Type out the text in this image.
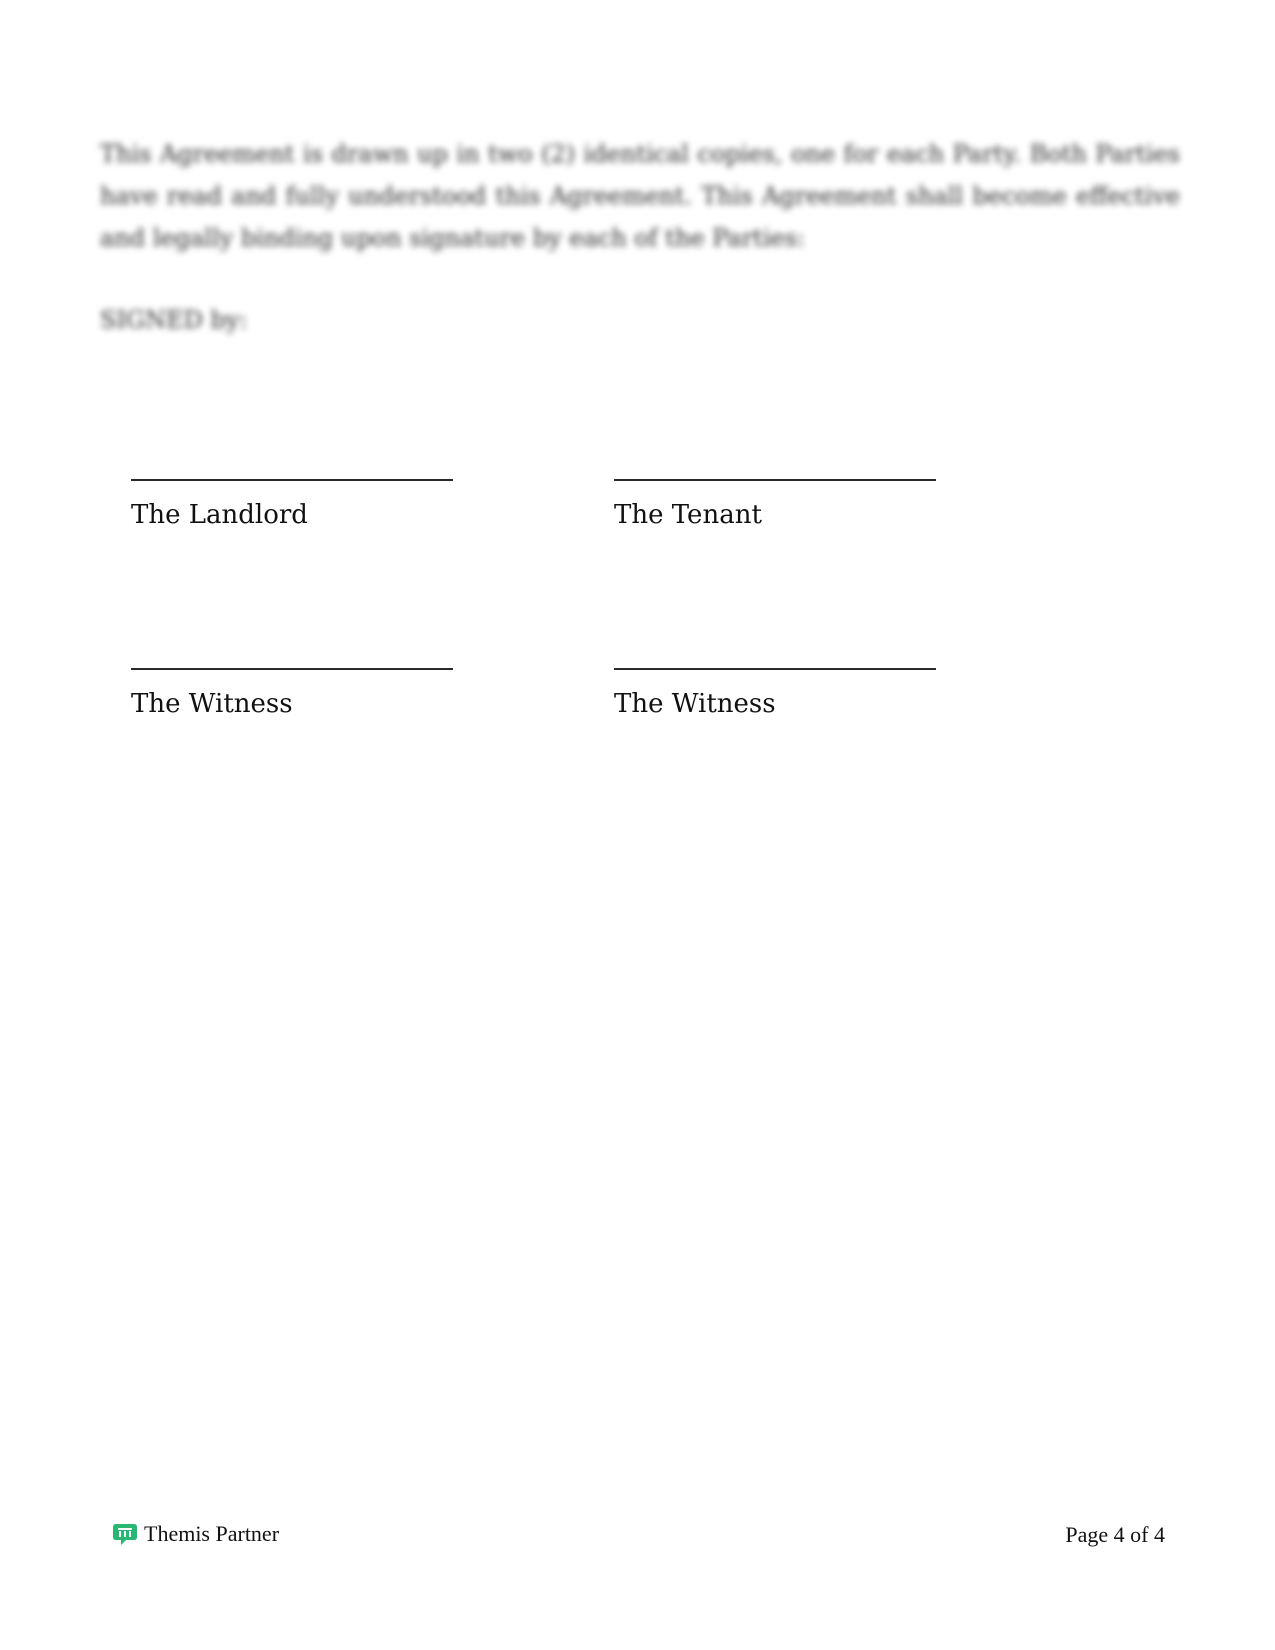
This Agreement is drawn up in two (2) identical copies, one for each Party. Both Parties have read and fully understood this Agreement. This Agreement shall become effective and legally binding upon signature by each of the Parties:

SIGNED by:

The Landlord	The Tenant
The Witness	The Witness
Themis Partner	Page 4 of 4
